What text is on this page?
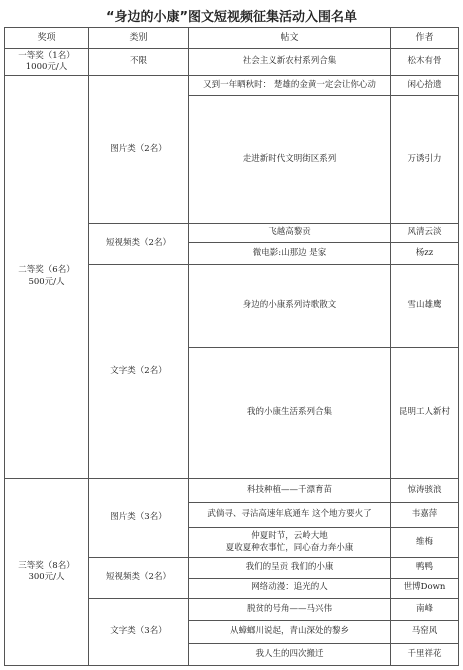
“身边的小康”图文短视频征集活动入围名单
奖项	类别	帖文	作者

一等奖（1名）
1000元/人	不限	社会主义新农村系列合集	松木有骨

二等奖（6名）
500元/人	图片类（2名）	又到一年晒秋时： 楚雄的金黄一定会让你心动	闲心拾遗
		走进新时代文明街区系列	万诱引力
	短视频类（2名）	飞越高黎贡	风清云淡
		微电影:山那边 是家	杨zz
	文字类（2名）	身边的小康系列诗歌散文	雪山雄鹰
		我的小康生活系列合集	昆明工人新村

三等奖（8名）
300元/人	图片类（3名）	科技种植——千漂育苗	惊涛骇浪
		武倘寻、寻沾高速年底通车 这个地方要火了	韦嘉萍

		仲夏时节，云岭大地
夏收夏种农事忙，同心奋力奔小康	维梅
	短视频类（2名）	我们的呈贡 我们的小康	鸭鸭
		网络动漫：追光的人	世博Down
	文字类（3名）	脱贫的号角——马兴伟	南峰
		从蟑螂川说起，青山深处的黎乡	马窑风
		我人生的四次搬迁	千里祥花
